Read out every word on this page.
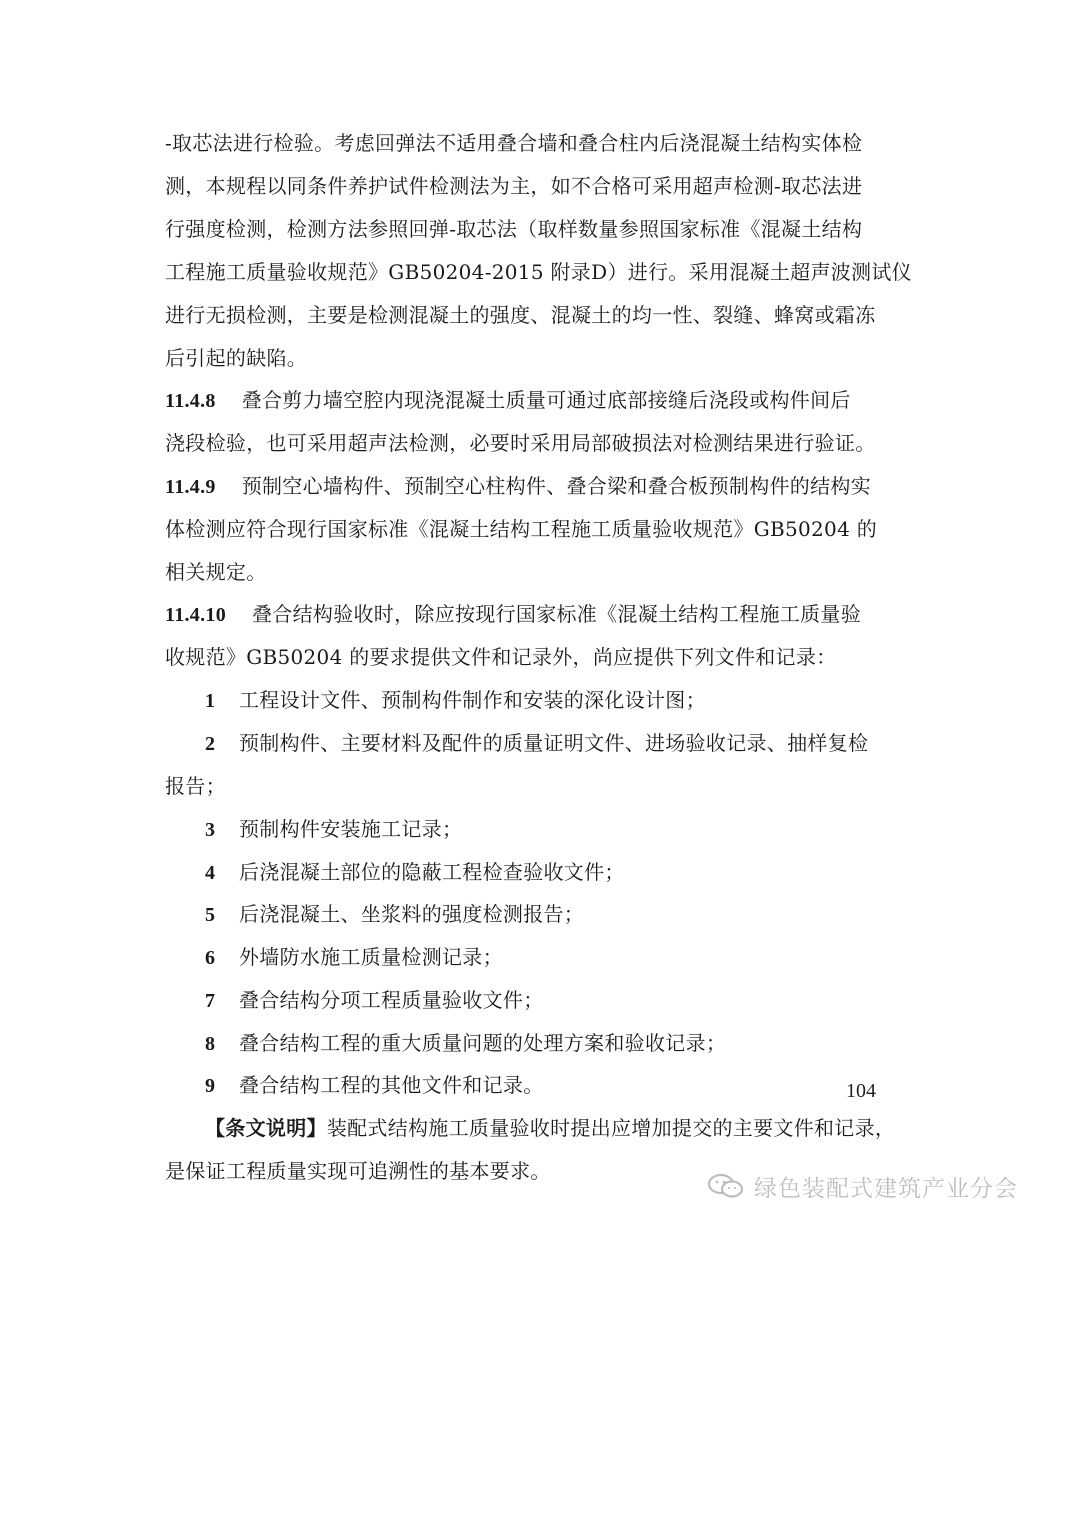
-取芯法进行检验。考虑回弹法不适用叠合墙和叠合柱内后浇混凝土结构实体检
测，本规程以同条件养护试件检测法为主，如不合格可采用超声检测-取芯法进
行强度检测，检测方法参照回弹-取芯法（取样数量参照国家标准《混凝土结构
工程施工质量验收规范》GB50204-2015 附录D）进行。采用混凝土超声波测试仪
进行无损检测，主要是检测混凝土的强度、混凝土的均一性、裂缝、蜂窝或霜冻
后引起的缺陷。
11.4.8 叠合剪力墙空腔内现浇混凝土质量可通过底部接缝后浇段或构件间后
浇段检验，也可采用超声法检测，必要时采用局部破损法对检测结果进行验证。
11.4.9 预制空心墙构件、预制空心柱构件、叠合梁和叠合板预制构件的结构实
体检测应符合现行国家标准《混凝土结构工程施工质量验收规范》GB50204 的
相关规定。
11.4.10 叠合结构验收时，除应按现行国家标准《混凝土结构工程施工质量验
收规范》GB50204 的要求提供文件和记录外，尚应提供下列文件和记录：
1 工程设计文件、预制构件制作和安装的深化设计图；
2 预制构件、主要材料及配件的质量证明文件、进场验收记录、抽样复检
报告；
3 预制构件安装施工记录；
4 后浇混凝土部位的隐蔽工程检查验收文件；
5 后浇混凝土、坐浆料的强度检测报告；
6 外墙防水施工质量检测记录；
7 叠合结构分项工程质量验收文件；
8 叠合结构工程的重大质量问题的处理方案和验收记录；
9 叠合结构工程的其他文件和记录。
【条文说明】装配式结构施工质量验收时提出应增加提交的主要文件和记录，
是保证工程质量实现可追溯性的基本要求。
104
绿色装配式建筑产业分会
